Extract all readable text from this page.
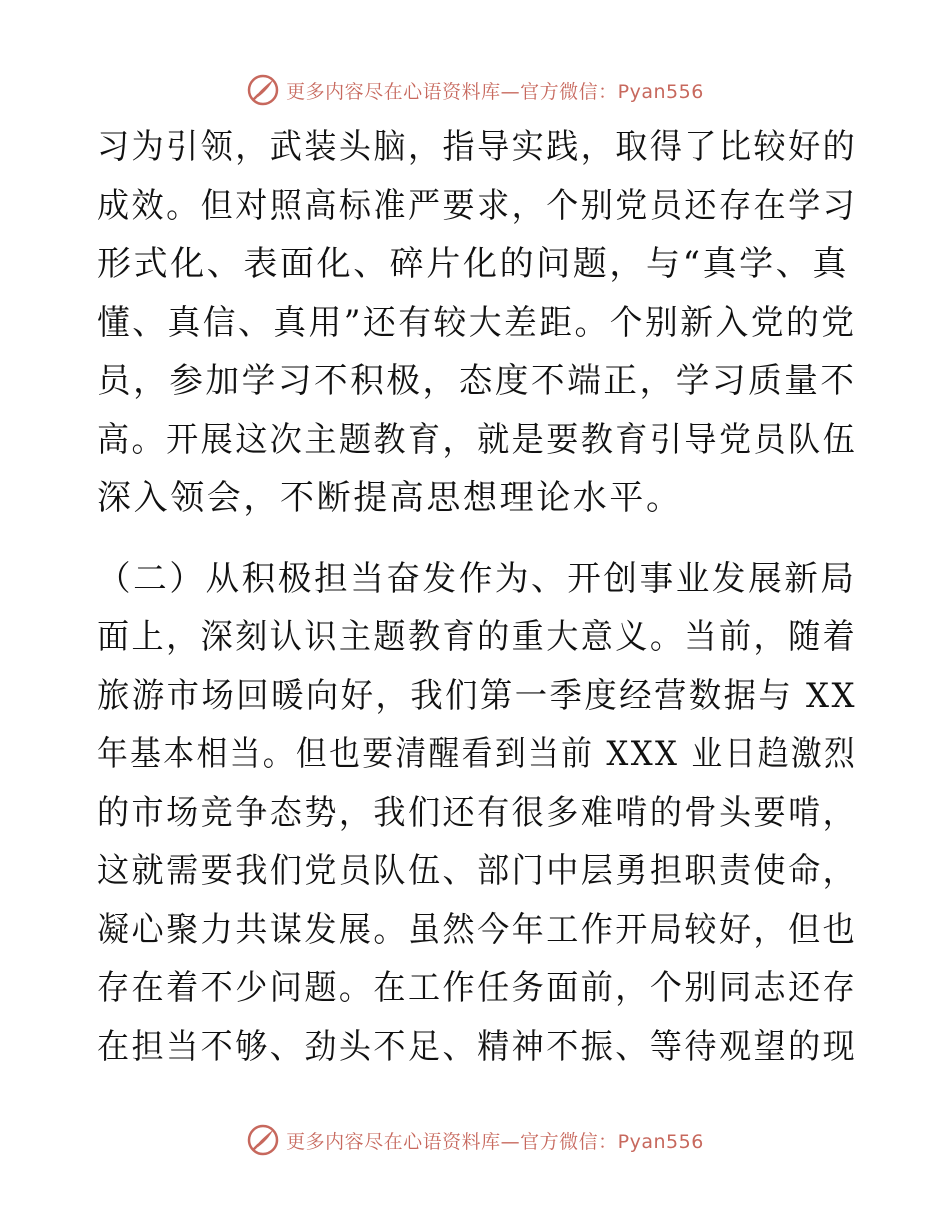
更多内容尽在心语资料库—官方微信：Pyan556
习为引领，武装头脑，指导实践，取得了比较好的
成效。但对照高标准严要求，个别党员还存在学习
形式化、表面化、碎片化的问题，与“真学、真
懂、真信、真用”还有较大差距。个别新入党的党
员，参加学习不积极，态度不端正，学习质量不
高。开展这次主题教育，就是要教育引导党员队伍
深入领会，不断提高思想理论水平。
（二）从积极担当奋发作为、开创事业发展新局
面上，深刻认识主题教育的重大意义。当前，随着
旅游市场回暖向好，我们第一季度经营数据与 XX
年基本相当。但也要清醒看到当前 XXX 业日趋激烈
的市场竞争态势，我们还有很多难啃的骨头要啃，
这就需要我们党员队伍、部门中层勇担职责使命，
凝心聚力共谋发展。虽然今年工作开局较好，但也
存在着不少问题。在工作任务面前，个别同志还存
在担当不够、劲头不足、精神不振、等待观望的现
更多内容尽在心语资料库—官方微信：Pyan556
